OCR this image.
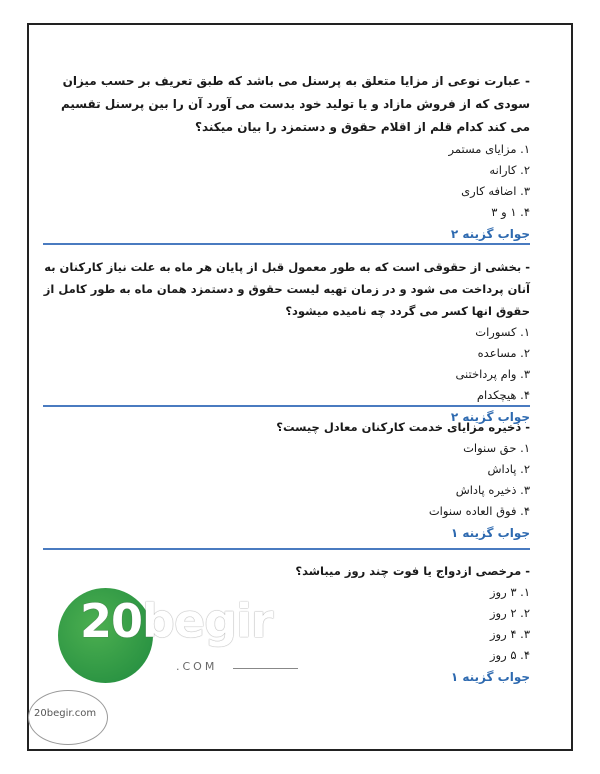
- عبارت نوعی از مزایا متعلق به پرسنل می باشد که طبق تعریف بر حسب میزان سودی که از فروش مازاد و یا تولید خود بدست می آورد آن را بین پرسنل تقسیم می کند کدام قلم از اقلام حقوق و دستمزد را بیان میکند؟

۱. مزایای مستمر

۲. کارانه

۳. اضافه کاری

۴. ۱ و ۳

جواب گزینه ۲

- بخشی از حقوقی است که به طور معمول قبل از پایان هر ماه به علت نیاز کارکنان به آنان پرداخت می شود و در زمان تهیه لیست حقوق و دستمزد همان ماه به طور کامل از حقوق انها کسر می گردد چه نامیده میشود؟

۱. کسورات

۲. مساعده

۳. وام پرداختنی

۴. هیچکدام

جواب گزینه ۲

- ذخیره مزایای خدمت کارکنان معادل چیست؟

۱. حق سنوات

۲. پاداش

۳. ذخیره پاداش

۴. فوق العاده سنوات

جواب گزینه ۱

- مرخصی ازدواج یا فوت چند روز میباشد؟

۱. ۳ روز

۲. ۲ روز

۳. ۴ روز

۴. ۵ روز

جواب گزینه ۱

20begir
.COM
20begir.com
